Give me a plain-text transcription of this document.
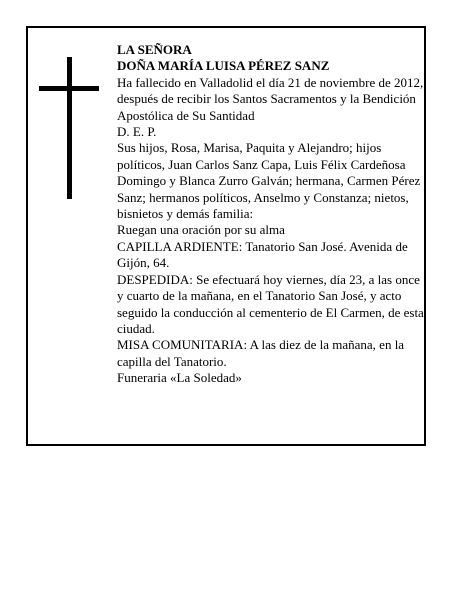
LA SEÑORA

DOÑA MARÍA LUISA PÉREZ SANZ

Ha fallecido en Valladolid el día 21 de noviembre de 2012, después de recibir los Santos Sacramentos y la Bendición Apostólica de Su Santidad

D. E. P.

Sus hijos, Rosa, Marisa, Paquita y Alejandro; hijos políticos, Juan Carlos Sanz Capa, Luis Félix Cardeñosa Domingo y Blanca Zurro Galván; hermana, Carmen Pérez Sanz; hermanos políticos, Anselmo y Constanza; nietos, bisnietos y demás familia:

Ruegan una oración por su alma

CAPILLA ARDIENTE: Tanatorio San José. Avenida de Gijón, 64.

DESPEDIDA: Se efectuará hoy viernes, día 23, a las once y cuarto de la mañana, en el Tanatorio San José, y acto seguido la conducción al cementerio de El Carmen, de esta ciudad.

MISA COMUNITARIA: A las diez de la mañana, en la capilla del Tanatorio.

Funeraria «La Soledad»
